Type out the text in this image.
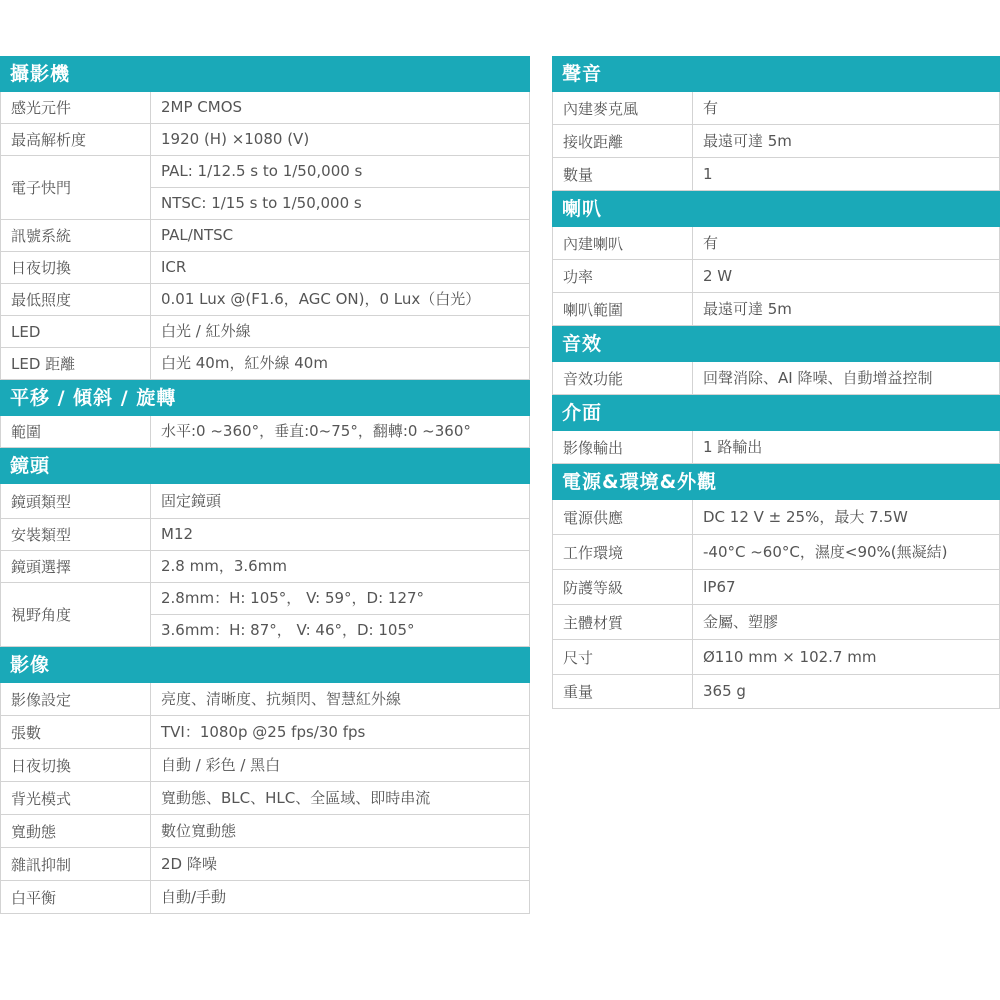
攝影機
感光元件	2MP CMOS

最高解析度	1920 (H) ×1080 (V)

電子快門	PAL: 1/12.5 s to 1/50,000 s
NTSC: 1/15 s to 1/50,000 s

訊號系統	PAL/NTSC

日夜切換	ICR

最低照度	0.01 Lux @(F1.6，AGC ON)，0 Lux（白光）

LED	白光 / 紅外線

LED 距離	白光 40m，紅外線 40m
平移 / 傾斜 / 旋轉
範圍	水平:0 ~360°，垂直:0~75°，翻轉:0 ~360°
鏡頭
鏡頭類型	固定鏡頭

安裝類型	M12

鏡頭選擇	2.8 mm，3.6mm

視野角度	2.8mm：H: 105°， V: 59°，D: 127°
3.6mm：H: 87°， V: 46°，D: 105°
影像
影像設定	亮度、清晰度、抗頻閃、智慧紅外線

張數	TVI：1080p @25 fps/30 fps

日夜切換	自動 / 彩色 / 黑白

背光模式	寬動態、BLC、HLC、全區域、即時串流

寬動態	數位寬動態

雜訊抑制	2D 降噪

白平衡	自動/手動
聲音
內建麥克風	有

接收距離	最遠可達 5m

數量	1
喇叭
內建喇叭	有

功率	2 W

喇叭範圍	最遠可達 5m
音效
音效功能	回聲消除、AI 降噪、自動增益控制
介面
影像輸出	1 路輸出
電源&環境&外觀
電源供應	DC 12 V ± 25%，最大 7.5W

工作環境	-40°C ~60°C，濕度<90%(無凝結)

防護等級	IP67

主體材質	金屬、塑膠

尺寸	Ø110 mm × 102.7 mm

重量	365 g
